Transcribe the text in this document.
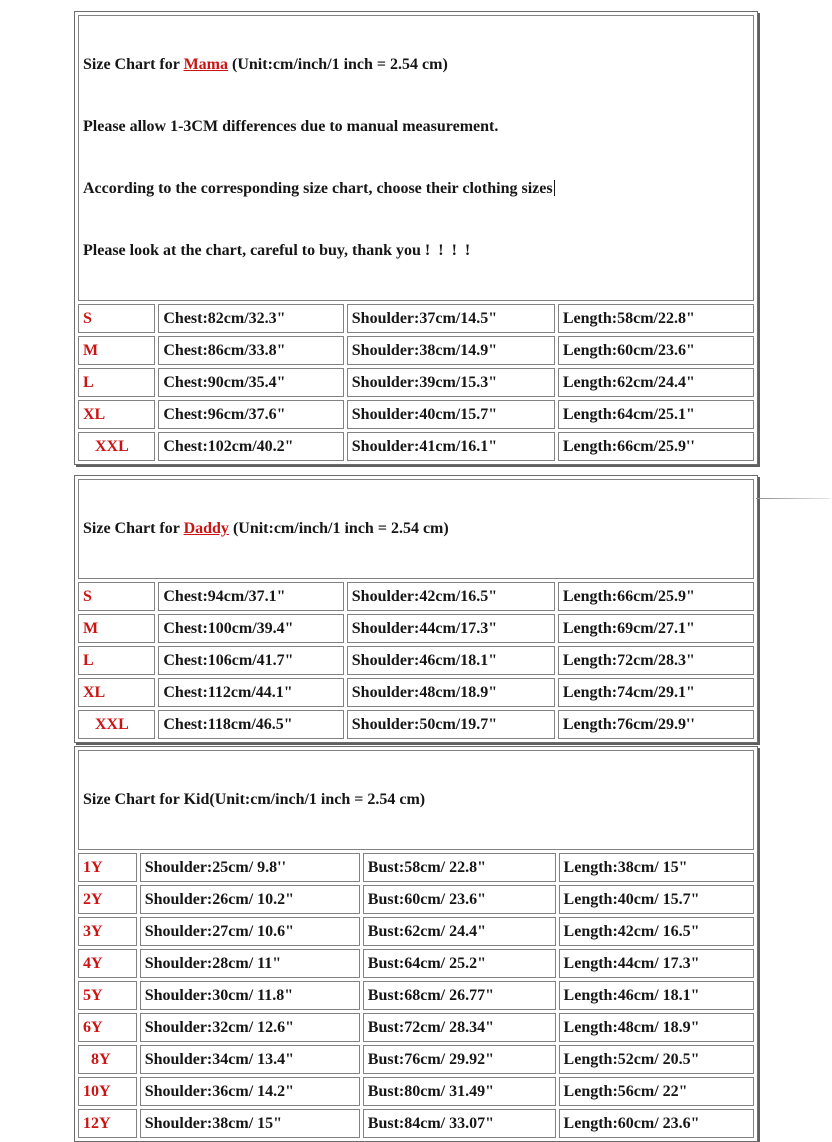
Size Chart for Mama (Unit:cm/inch/1 inch = 2.54 cm)

Please allow 1-3CM differences due to manual measurement.

According to the corresponding size chart, choose their clothing sizes

Please look at the chart, careful to buy, thank you !  !  !  !			

S	Chest:82cm/32.3"	Shoulder:37cm/14.5"	Length:58cm/22.8"
M	Chest:86cm/33.8"	Shoulder:38cm/14.9"	Length:60cm/23.6"
L	Chest:90cm/35.4"	Shoulder:39cm/15.3"	Length:62cm/24.4"
XL	Chest:96cm/37.6"	Shoulder:40cm/15.7"	Length:64cm/25.1"
XXL	Chest:102cm/40.2"	Shoulder:41cm/16.1"	Length:66cm/25.9''

Size Chart for Daddy (Unit:cm/inch/1 inch = 2.54 cm)			

S	Chest:94cm/37.1"	Shoulder:42cm/16.5"	Length:66cm/25.9"
M	Chest:100cm/39.4"	Shoulder:44cm/17.3"	Length:69cm/27.1"
L	Chest:106cm/41.7"	Shoulder:46cm/18.1"	Length:72cm/28.3"
XL	Chest:112cm/44.1"	Shoulder:48cm/18.9"	Length:74cm/29.1"
XXL	Chest:118cm/46.5"	Shoulder:50cm/19.7"	Length:76cm/29.9''

Size Chart for Kid(Unit:cm/inch/1 inch = 2.54 cm)			

1Y	Shoulder:25cm/ 9.8''	Bust:58cm/ 22.8"	Length:38cm/ 15"
2Y	Shoulder:26cm/ 10.2"	Bust:60cm/ 23.6"	Length:40cm/ 15.7"
3Y	Shoulder:27cm/ 10.6"	Bust:62cm/ 24.4"	Length:42cm/ 16.5"
4Y	Shoulder:28cm/ 11"	Bust:64cm/ 25.2"	Length:44cm/ 17.3"
5Y	Shoulder:30cm/ 11.8"	Bust:68cm/ 26.77"	Length:46cm/ 18.1"
6Y	Shoulder:32cm/ 12.6"	Bust:72cm/ 28.34"	Length:48cm/ 18.9"
8Y	Shoulder:34cm/ 13.4"	Bust:76cm/ 29.92"	Length:52cm/ 20.5"
10Y	Shoulder:36cm/ 14.2"	Bust:80cm/ 31.49"	Length:56cm/ 22"
12Y	Shoulder:38cm/ 15"	Bust:84cm/ 33.07"	Length:60cm/ 23.6"
